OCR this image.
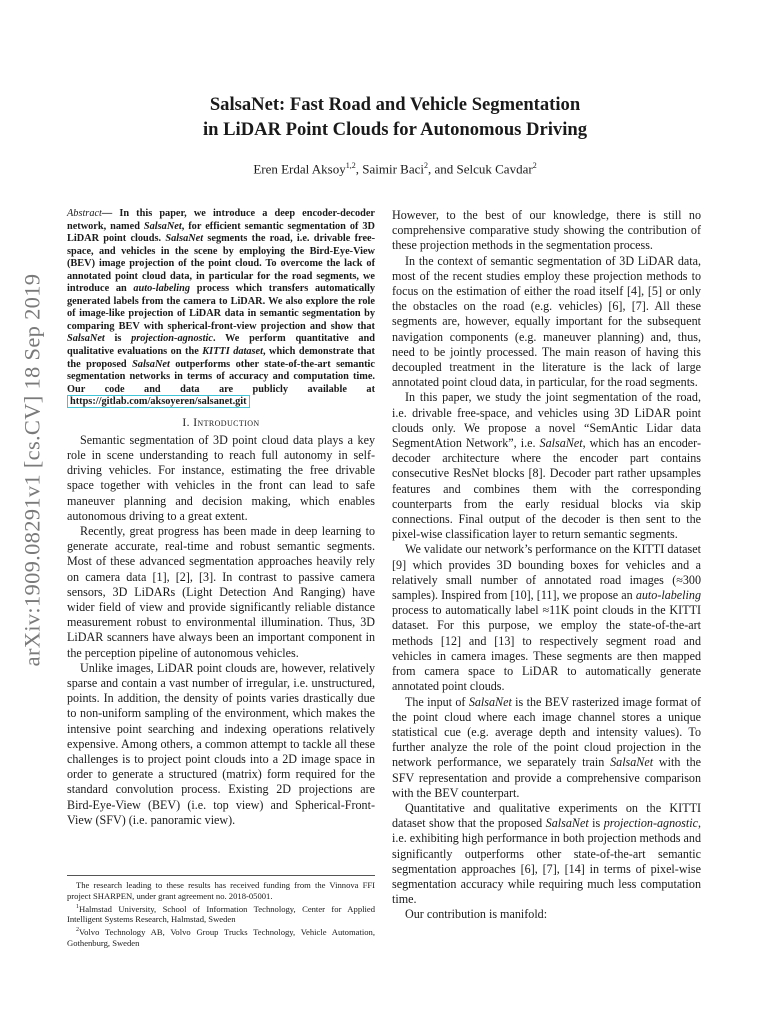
arXiv:1909.08291v1 [cs.CV] 18 Sep 2019
SalsaNet: Fast Road and Vehicle Segmentation
in LiDAR Point Clouds for Autonomous Driving
Eren Erdal Aksoy$^{1,2}$, Saimir Baci$^2$, and Selcuk Cavdar$^2$

Abstract— In this paper, we introduce a deep encoder-decoder network, named SalsaNet, for efficient semantic segmentation of 3D LiDAR point clouds. SalsaNet segments the road, i.e. drivable free-space, and vehicles in the scene by employing the Bird-Eye-View (BEV) image projection of the point cloud. To overcome the lack of annotated point cloud data, in particular for the road segments, we introduce an auto-labeling process which transfers automatically generated labels from the camera to LiDAR. We also explore the role of image-like projection of LiDAR data in semantic segmentation by comparing BEV with spherical-front-view projection and show that SalsaNet is projection-agnostic. We perform quantitative and qualitative evaluations on the KITTI dataset, which demonstrate that the proposed SalsaNet outperforms other state-of-the-art semantic segmentation networks in terms of accuracy and computation time. Our code and data are publicly available at https://gitlab.com/aksoyeren/salsanet.git

I. Introduction

Semantic segmentation of 3D point cloud data plays a key role in scene understanding to reach full autonomy in self-driving vehicles. For instance, estimating the free drivable space together with vehicles in the front can lead to safe maneuver planning and decision making, which enables autonomous driving to a great extent.

Recently, great progress has been made in deep learning to generate accurate, real-time and robust semantic segments. Most of these advanced segmentation approaches heavily rely on camera data [1], [2], [3]. In contrast to passive camera sensors, 3D LiDARs (Light Detection And Ranging) have wider field of view and provide significantly reliable distance measurement robust to environmental illumination. Thus, 3D LiDAR scanners have always been an important component in the perception pipeline of autonomous vehicles.

Unlike images, LiDAR point clouds are, however, relatively sparse and contain a vast number of irregular, i.e. unstructured, points. In addition, the density of points varies drastically due to non-uniform sampling of the environment, which makes the intensive point searching and indexing operations relatively expensive. Among others, a common attempt to tackle all these challenges is to project point clouds into a 2D image space in order to generate a structured (matrix) form required for the standard convolution process. Existing 2D projections are Bird-Eye-View (BEV) (i.e. top view) and Spherical-Front-View (SFV) (i.e. panoramic view).

The research leading to these results has received funding from the Vinnova FFI project SHARPEN, under grant agreement no. 2018-05001.

$^1$Halmstad University, School of Information Technology, Center for Applied Intelligent Systems Research, Halmstad, Sweden

$^2$Volvo Technology AB, Volvo Group Trucks Technology, Vehicle Automation, Gothenburg, Sweden

However, to the best of our knowledge, there is still no comprehensive comparative study showing the contribution of these projection methods in the segmentation process.

In the context of semantic segmentation of 3D LiDAR data, most of the recent studies employ these projection methods to focus on the estimation of either the road itself [4], [5] or only the obstacles on the road (e.g. vehicles) [6], [7]. All these segments are, however, equally important for the subsequent navigation components (e.g. maneuver planning) and, thus, need to be jointly processed. The main reason of having this decoupled treatment in the literature is the lack of large annotated point cloud data, in particular, for the road segments.

In this paper, we study the joint segmentation of the road, i.e. drivable free-space, and vehicles using 3D LiDAR point clouds only. We propose a novel “SemAntic Lidar data SegmentAtion Network”, i.e. SalsaNet, which has an encoder-decoder architecture where the encoder part contains consecutive ResNet blocks [8]. Decoder part rather upsamples features and combines them with the corresponding counterparts from the early residual blocks via skip connections. Final output of the decoder is then sent to the pixel-wise classification layer to return semantic segments.

We validate our network’s performance on the KITTI dataset [9] which provides 3D bounding boxes for vehicles and a relatively small number of annotated road images (≈300 samples). Inspired from [10], [11], we propose an auto-labeling process to automatically label ≈11K point clouds in the KITTI dataset. For this purpose, we employ the state-of-the-art methods [12] and [13] to respectively segment road and vehicles in camera images. These segments are then mapped from camera space to LiDAR to automatically generate annotated point clouds.

The input of SalsaNet is the BEV rasterized image format of the point cloud where each image channel stores a unique statistical cue (e.g. average depth and intensity values). To further analyze the role of the point cloud projection in the network performance, we separately train SalsaNet with the SFV representation and provide a comprehensive comparison with the BEV counterpart.

Quantitative and qualitative experiments on the KITTI dataset show that the proposed SalsaNet is projection-agnostic, i.e. exhibiting high performance in both projection methods and significantly outperforms other state-of-the-art semantic segmentation approaches [6], [7], [14] in terms of pixel-wise segmentation accuracy while requiring much less computation time.

Our contribution is manifold:
